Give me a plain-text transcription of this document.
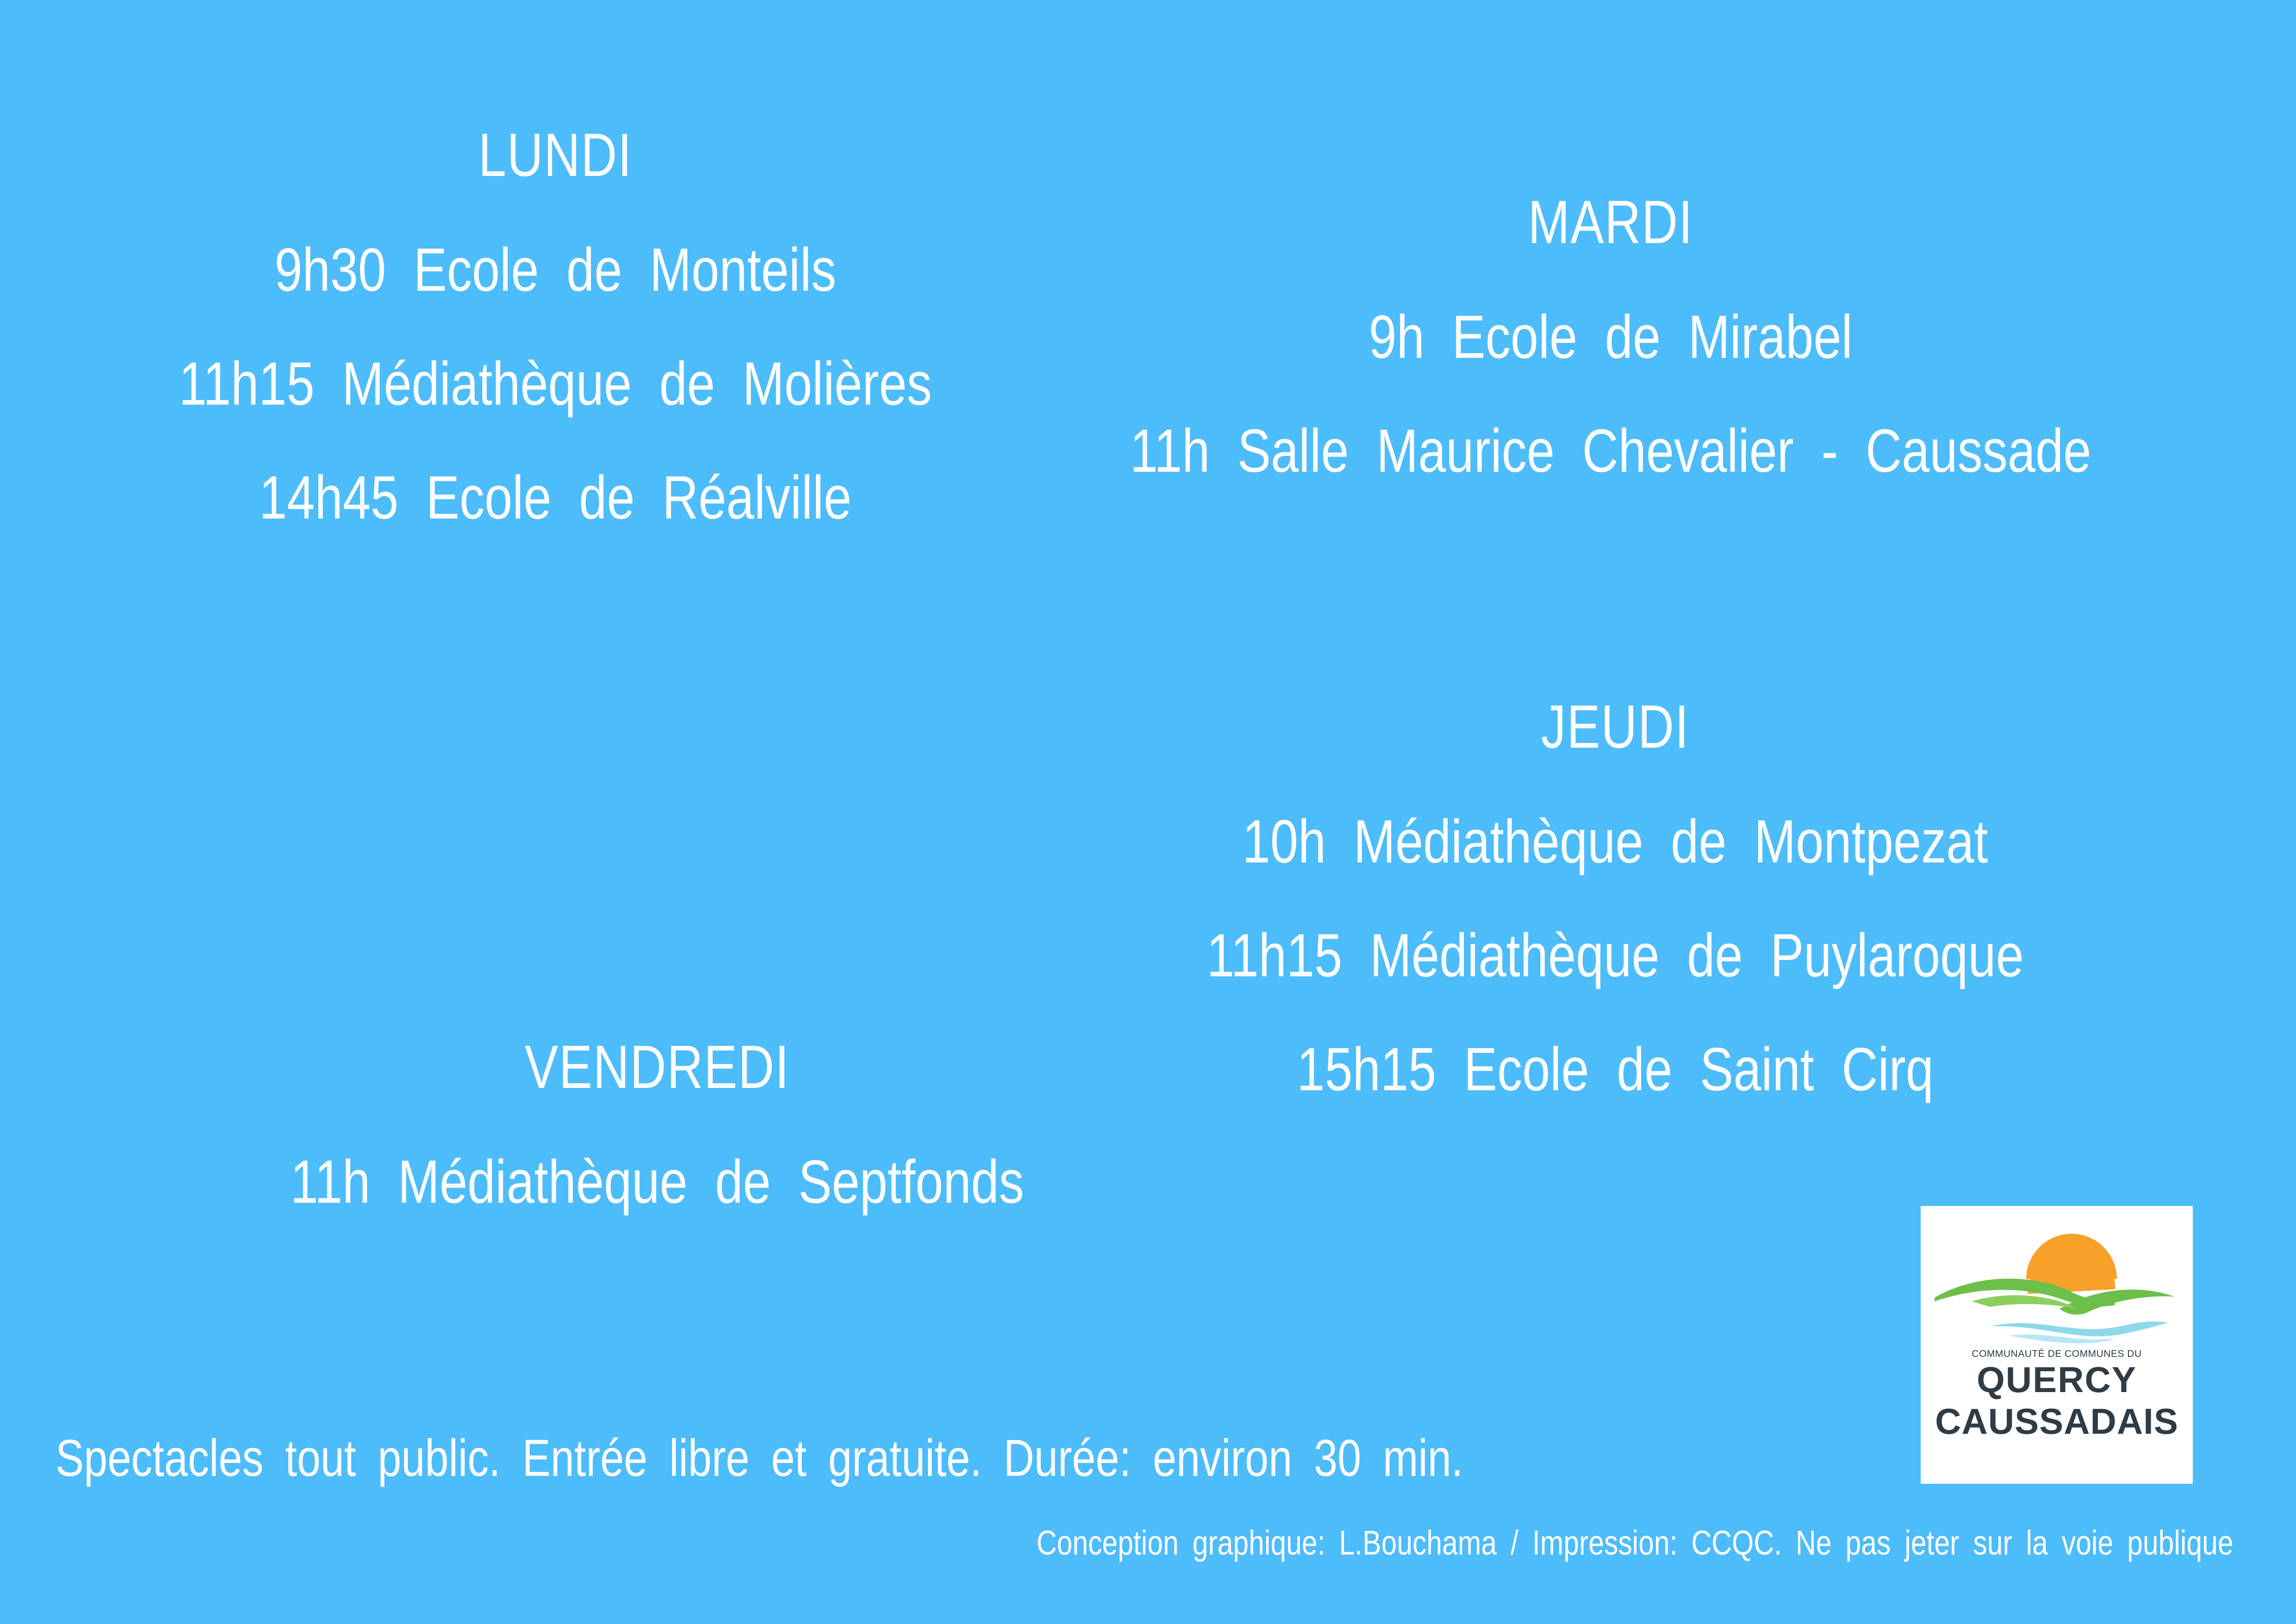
LUNDI
9h30 Ecole de Monteils
11h15 Médiathèque de Molières
14h45 Ecole de Réalville
MARDI
9h Ecole de Mirabel
11h Salle Maurice Chevalier - Caussade
JEUDI
10h Médiathèque de Montpezat
11h15 Médiathèque de Puylaroque
15h15 Ecole de Saint Cirq
VENDREDI
11h Médiathèque de Septfonds
Spectacles tout public. Entrée libre et gratuite. Durée: environ 30 min.
Conception graphique: L.Bouchama / Impression: CCQC. Ne pas jeter sur la voie publique
COMMUNAUTÉ DE COMMUNES DU
QUERCY
CAUSSADAIS
